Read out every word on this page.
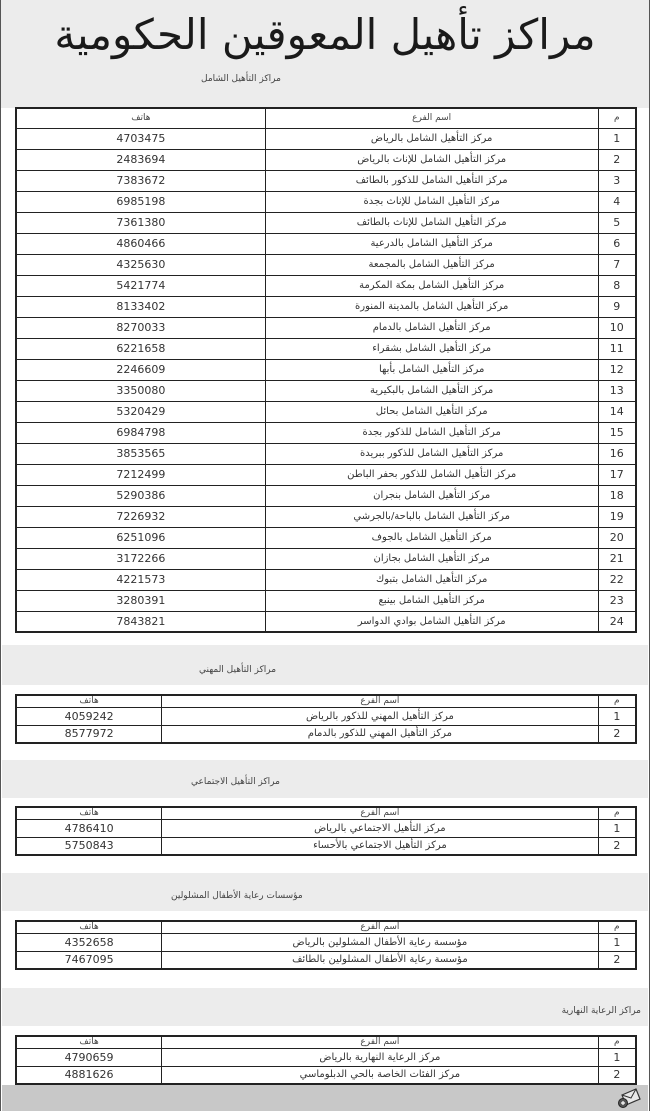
مراكز تأهيل المعوقين الحكومية
مراكز التأهيل الشامل
م	اسم الفرع	هاتف
1	مركز التأهيل الشامل بالرياض	4703475
2	مركز التأهيل الشامل للإناث بالرياض	2483694
3	مركز التأهيل الشامل للذكور بالطائف	7383672
4	مركز التأهيل الشامل للإناث بجدة	6985198
5	مركز التأهيل الشامل للإناث بالطائف	7361380
6	مركز التأهيل الشامل بالدرعية	4860466
7	مركز التأهيل الشامل بالمجمعة	4325630
8	مركز التأهيل الشامل بمكة المكرمة	5421774
9	مركز التأهيل الشامل بالمدينة المنورة	8133402
10	مركز التأهيل الشامل بالدمام	8270033
11	مركز التأهيل الشامل بشقراء	6221658
12	مركز التأهيل الشامل بأبها	2246609
13	مركز التأهيل الشامل بالبكيرية	3350080
14	مركز التأهيل الشامل بحائل	5320429
15	مركز التأهيل الشامل للذكور بجدة	6984798
16	مركز التأهيل الشامل للذكور ببريدة	3853565
17	مركز التأهيل الشامل للذكور بحفر الباطن	7212499
18	مركز التأهيل الشامل بنجران	5290386
19	مركز التأهيل الشامل بالباحة/بالجرشي	7226932
20	مركز التأهيل الشامل بالجوف	6251096
21	مركز التأهيل الشامل بجازان	3172266
22	مركز التأهيل الشامل بتبوك	4221573
23	مركز التأهيل الشامل بينبع	3280391
24	مركز التأهيل الشامل بوادي الدواسر	7843821
مراكز التأهيل المهني
م	اسم الفرع	هاتف
1	مركز التأهيل المهني للذكور بالرياض	4059242
2	مركز التأهيل المهني للذكور بالدمام	8577972
مراكز التأهيل الاجتماعي
م	اسم الفرع	هاتف
1	مركز التأهيل الاجتماعي بالرياض	4786410
2	مركز التأهيل الاجتماعي بالأحساء	5750843
مؤسسات رعاية الأطفال المشلولين
م	اسم الفرع	هاتف
1	مؤسسة رعاية الأطفال المشلولين بالرياض	4352658
2	مؤسسة رعاية الأطفال المشلولين بالطائف	7467095
مراكز الرعاية النهارية
م	اسم الفرع	هاتف
1	مركز الرعاية النهارية بالرياض	4790659
2	مركز الفئات الخاصة بالحي الدبلوماسي	4881626
